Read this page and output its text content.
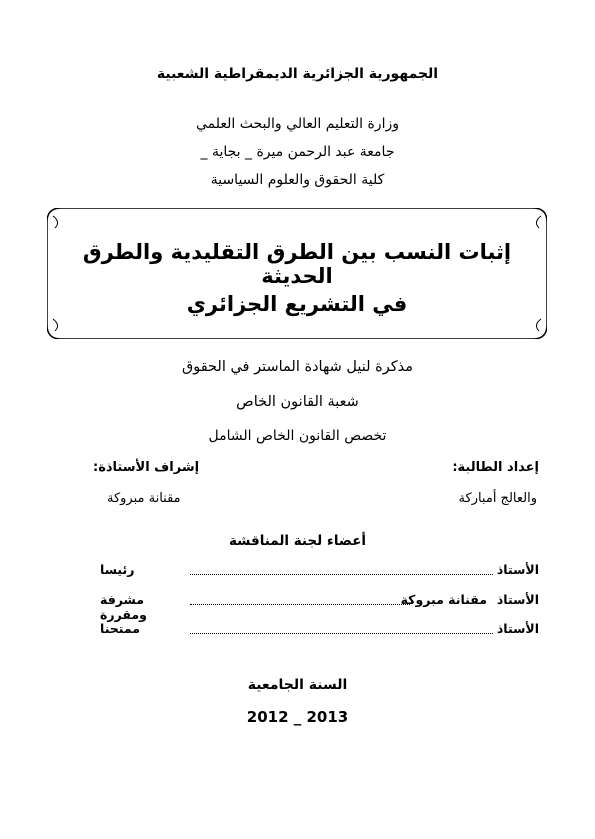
الجمهورية الجزائرية الديمقراطية الشعبية
وزارة التعليم العالي والبحث العلمي
جامعة عبد الرحمن ميرة _ بجاية _
كلية الحقوق والعلوم السياسية
إثبات النسب بين الطرق التقليدية والطرق الحديثة
في التشريع الجزائري
مذكرة لنيل شهادة الماستر في الحقوق
شعبة القانون الخاص
تخصص القانون الخاص الشامل
إعداد الطالبة:
إشراف الأستاذة:
والعالج أمباركة
مقنانة مبروكة
أعضاء لجنة المناقشة
الأستاذ
رئيسا
الأستاذ
مقنانة مبروكة
مشرفة ومقررة
الأستاذ
ممتحنا
السنة الجامعية
2013 _ 2012
